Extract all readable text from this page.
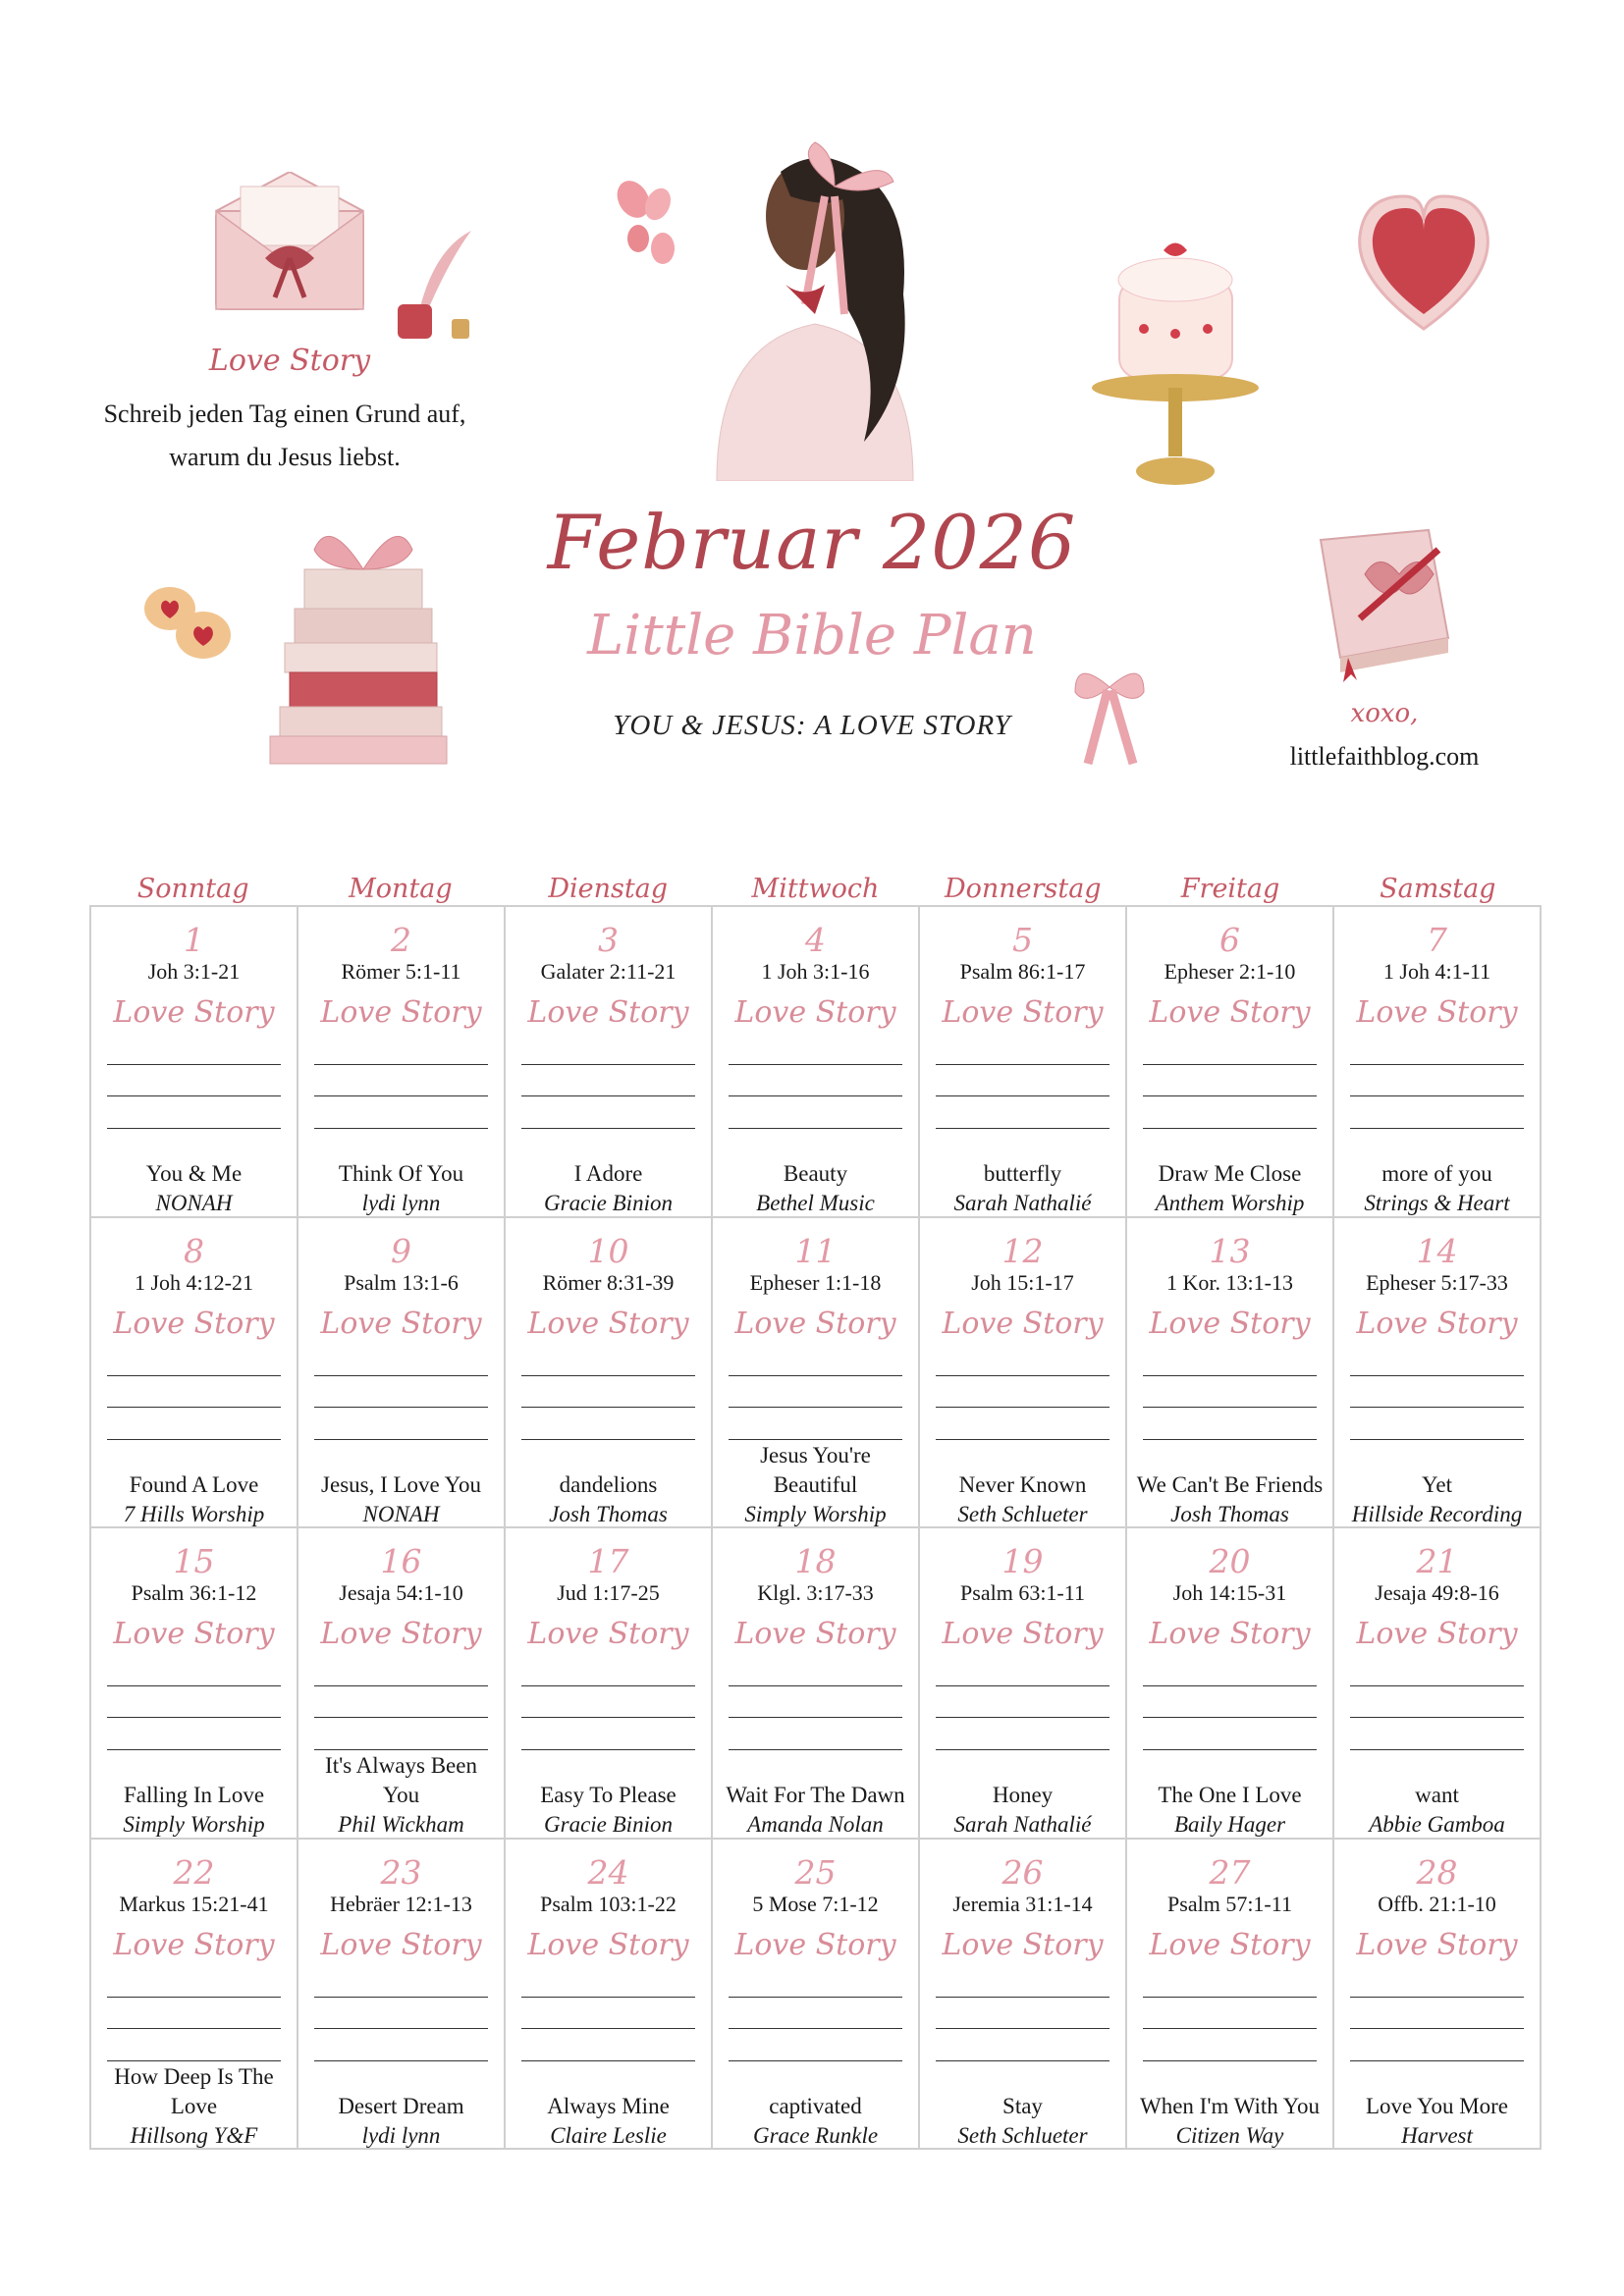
Love Story
Schreib jeden Tag einen Grund auf, warum du Jesus liebst.
Februar 2026
Little Bible Plan
YOU & JESUS: A LOVE STORY	xoxo,
littlefaithblog.com
Sonntag	Montag	Dienstag	Mittwoch	Donnerstag	Freitag	Samstag
1
Joh 3:1-21
Love Story
You & Me
NONAH
2
Römer 5:1-11
Love Story
Think Of You
lydi lynn
3
Galater 2:11-21
Love Story
I Adore
Gracie Binion
4
1 Joh 3:1-16
Love Story
Beauty
Bethel Music
5
Psalm 86:1-17
Love Story
butterfly
Sarah Nathalié
6
Epheser 2:1-10
Love Story
Draw Me Close
Anthem Worship
7
1 Joh 4:1-11
Love Story
more of you
Strings & Heart
8
1 Joh 4:12-21
Love Story
Found A Love
7 Hills Worship
9
Psalm 13:1-6
Love Story
Jesus, I Love You
NONAH
10
Römer 8:31-39
Love Story
dandelions
Josh Thomas
11
Epheser 1:1-18
Love Story
Jesus You're Beautiful
Simply Worship
12
Joh 15:1-17
Love Story
Never Known
Seth Schlueter
13
1 Kor. 13:1-13
Love Story
We Can't Be Friends
Josh Thomas
14
Epheser 5:17-33
Love Story
Yet
Hillside Recording
15
Psalm 36:1-12
Love Story
Falling In Love
Simply Worship
16
Jesaja 54:1-10
Love Story
It's Always Been You
Phil Wickham
17
Jud 1:17-25
Love Story
Easy To Please
Gracie Binion
18
Klgl. 3:17-33
Love Story
Wait For The Dawn
Amanda Nolan
19
Psalm 63:1-11
Love Story
Honey
Sarah Nathalié
20
Joh 14:15-31
Love Story
The One I Love
Baily Hager
21
Jesaja 49:8-16
Love Story
want
Abbie Gamboa
22
Markus 15:21-41
Love Story
How Deep Is The Love
Hillsong Y&F
23
Hebräer 12:1-13
Love Story
Desert Dream
lydi lynn
24
Psalm 103:1-22
Love Story
Always Mine
Claire Leslie
25
5 Mose 7:1-12
Love Story
captivated
Grace Runkle
26
Jeremia 31:1-14
Love Story
Stay
Seth Schlueter
27
Psalm 57:1-11
Love Story
When I'm With You
Citizen Way
28
Offb. 21:1-10
Love Story
Love You More
Harvest
